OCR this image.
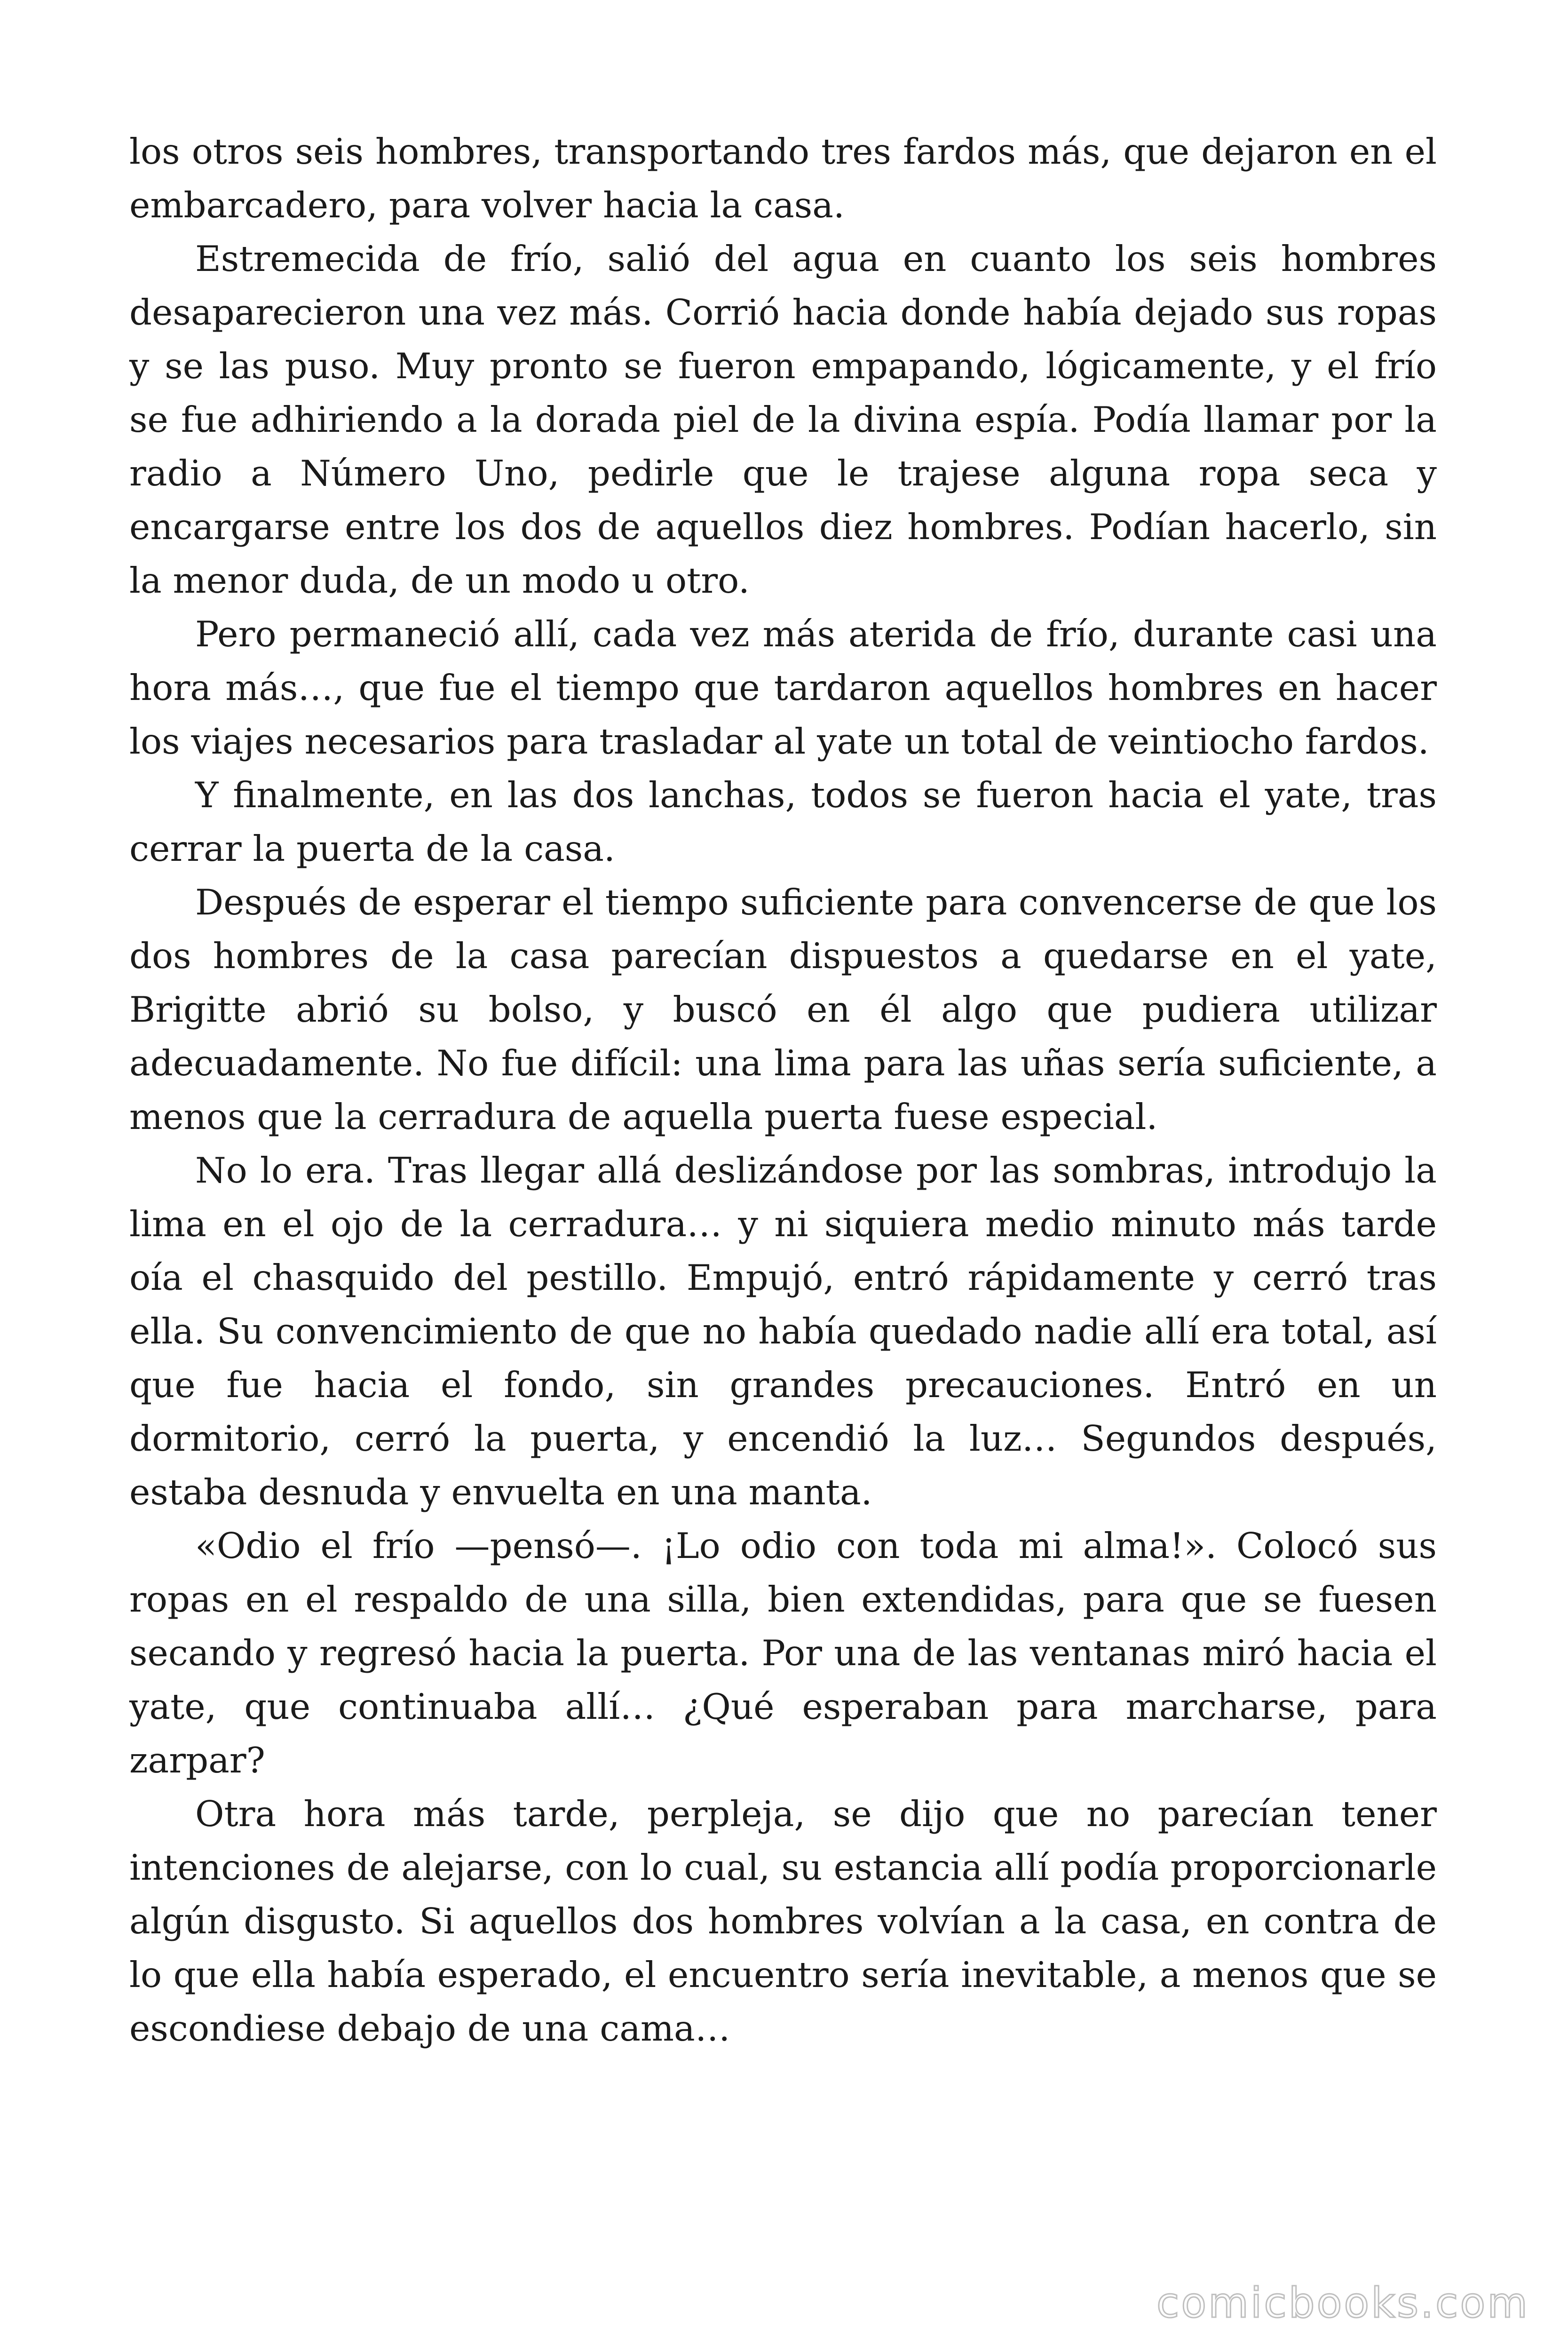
los otros seis hombres, transportando tres fardos más, que dejaron en el embarcadero, para volver hacia la casa.

Estremecida de frío, salió del agua en cuanto los seis hombres desaparecieron una vez más. Corrió hacia donde había dejado sus ropas y se las puso. Muy pronto se fueron empapando, lógicamente, y el frío se fue adhiriendo a la dorada piel de la divina espía. Podía llamar por la radio a Número Uno, pedirle que le trajese alguna ropa seca y encargarse entre los dos de aquellos diez hombres. Podían hacerlo, sin la menor duda, de un modo u otro.

Pero permaneció allí, cada vez más aterida de frío, durante casi una hora más…, que fue el tiempo que tardaron aquellos hombres en hacer los viajes necesarios para trasladar al yate un total de veintiocho fardos.

Y finalmente, en las dos lanchas, todos se fueron hacia el yate, tras cerrar la puerta de la casa.

Después de esperar el tiempo suficiente para convencerse de que los dos hombres de la casa parecían dispuestos a quedarse en el yate, Brigitte abrió su bolso, y buscó en él algo que pudiera utilizar adecuadamente. No fue difícil: una lima para las uñas sería suficiente, a menos que la cerradura de aquella puerta fuese especial.

No lo era. Tras llegar allá deslizándose por las sombras, introdujo la lima en el ojo de la cerradura… y ni siquiera medio minuto más tarde oía el chasquido del pestillo. Empujó, entró rápidamente y cerró tras ella. Su convencimiento de que no había quedado nadie allí era total, así que fue hacia el fondo, sin grandes precauciones. Entró en un dormitorio, cerró la puerta, y encendió la luz… Segundos después, estaba desnuda y envuelta en una manta.

«Odio el frío —pensó—. ¡Lo odio con toda mi alma!». Colocó sus ropas en el respaldo de una silla, bien extendidas, para que se fuesen secando y regresó hacia la puerta. Por una de las ventanas miró hacia el yate, que continuaba allí… ¿Qué esperaban para marcharse, para zarpar?

Otra hora más tarde, perpleja, se dijo que no parecían tener intenciones de alejarse, con lo cual, su estancia allí podía proporcionarle algún disgusto. Si aquellos dos hombres volvían a la casa, en contra de lo que ella había esperado, el encuentro sería inevitable, a menos que se escondiese debajo de una cama…

comicbooks.com
